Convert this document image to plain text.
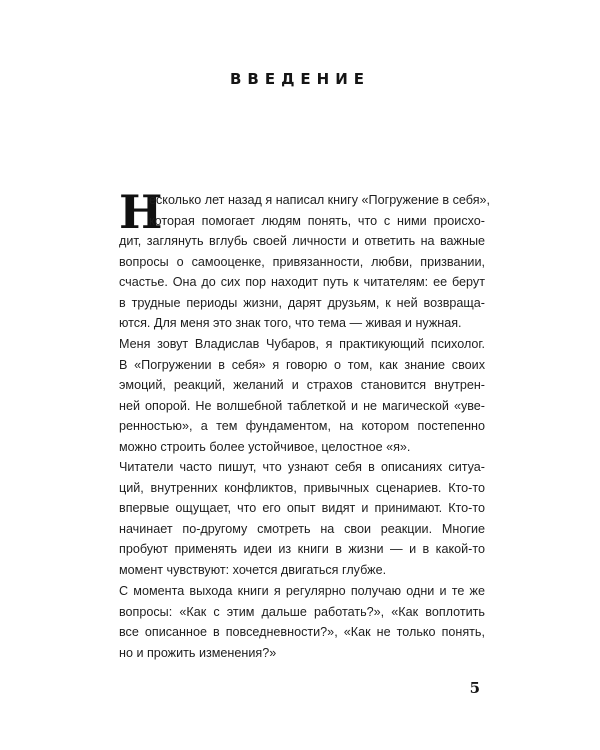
ВВЕДЕНИЕ
Н
есколько лет назад я написал книгу «Погружение в себя»,
которая помогает людям понять, что с ними происхо-
дит, заглянуть вглубь своей личности и ответить на важные
вопросы о самооценке, привязанности, любви, призвании,
счастье. Она до сих пор находит путь к читателям: ее берут
в трудные периоды жизни, дарят друзьям, к ней возвраща-
ются. Для меня это знак того, что тема — живая и нужная.
Меня зовут Владислав Чубаров, я практикующий психолог.
В «Погружении в себя» я говорю о том, как знание своих
эмоций, реакций, желаний и страхов становится внутрен-
ней опорой. Не волшебной таблеткой и не магической «уве-
ренностью», а тем фундаментом, на котором постепенно
можно строить более устойчивое, целостное «я».
Читатели часто пишут, что узнают себя в описаниях ситуа-
ций, внутренних конфликтов, привычных сценариев. Кто-то
впервые ощущает, что его опыт видят и принимают. Кто-то
начинает по-другому смотреть на свои реакции. Многие
пробуют применять идеи из книги в жизни — и в какой-то
момент чувствуют: хочется двигаться глубже.
С момента выхода книги я регулярно получаю одни и те же
вопросы: «Как с этим дальше работать?», «Как воплотить
все описанное в повседневности?», «Как не только понять,
но и прожить изменения?»
5
